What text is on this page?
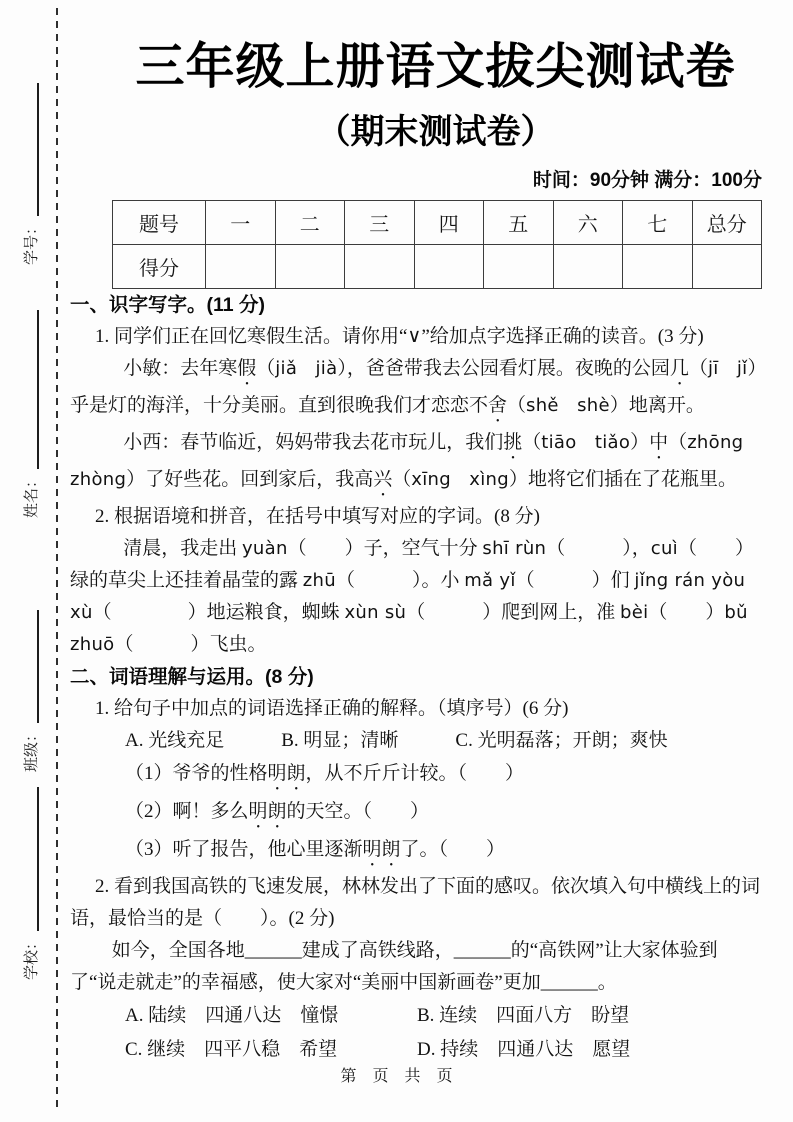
学号：
姓名：
班级：
学校：
三年级上册语文拔尖测试卷
（期末测试卷）
时间：90分钟 满分：100分
题号	一	二	三	四	五	六	七	总分
得分								

一、识字写字。(11 分)

1. 同学们正在回忆寒假生活。请你用“∨”给加点字选择正确的读音。(3 分)

小敏：去年寒假（jiǎ　jià），爸爸带我去公园看灯展。夜晚的公园几（jī　jǐ）乎是灯的海洋，十分美丽。直到很晚我们才恋恋不舍（shě　shè）地离开。

小西：春节临近，妈妈带我去花市玩儿，我们挑（tiāo　tiǎo）中（zhōng zhòng）了好些花。回到家后，我高兴（xīng　xìng）地将它们插在了花瓶里。

2. 根据语境和拼音，在括号中填写对应的字词。(8 分)

清晨，我走出 yuàn（　　）子，空气十分 shī rùn（　　　），cuì（　　）绿的草尖上还挂着晶莹的露 zhū（　　　）。小 mǎ yǐ（　　　）们 jǐng rán yòu xù（　　　　）地运粮食，蜘蛛 xùn sù（　　　）爬到网上，准 bèi（　　）bǔ zhuō（　　　）飞虫。

二、词语理解与运用。(8 分)

1. 给句子中加点的词语选择正确的解释。（填序号）(6 分)

A. 光线充足　　　B. 明显；清晰　　　C. 光明磊落；开朗；爽快

（1）爷爷的性格明朗，从不斤斤计较。（　　）

（2）啊！多么明朗的天空。（　　）

（3）听了报告，他心里逐渐明朗了。（　　）

2. 看到我国高铁的飞速发展，林林发出了下面的感叹。依次填入句中横线上的词语，最恰当的是（　　）。(2 分)

如今，全国各地______建成了高铁线路，______的“高铁网”让大家体验到了“说走就走”的幸福感，使大家对“美丽中国新画卷”更加______。

A. 陆续　四通八达　憧憬	B. 连续　四面八方　盼望

C. 继续　四平八稳　希望	D. 持续　四通八达　愿望

第　页　共　页
